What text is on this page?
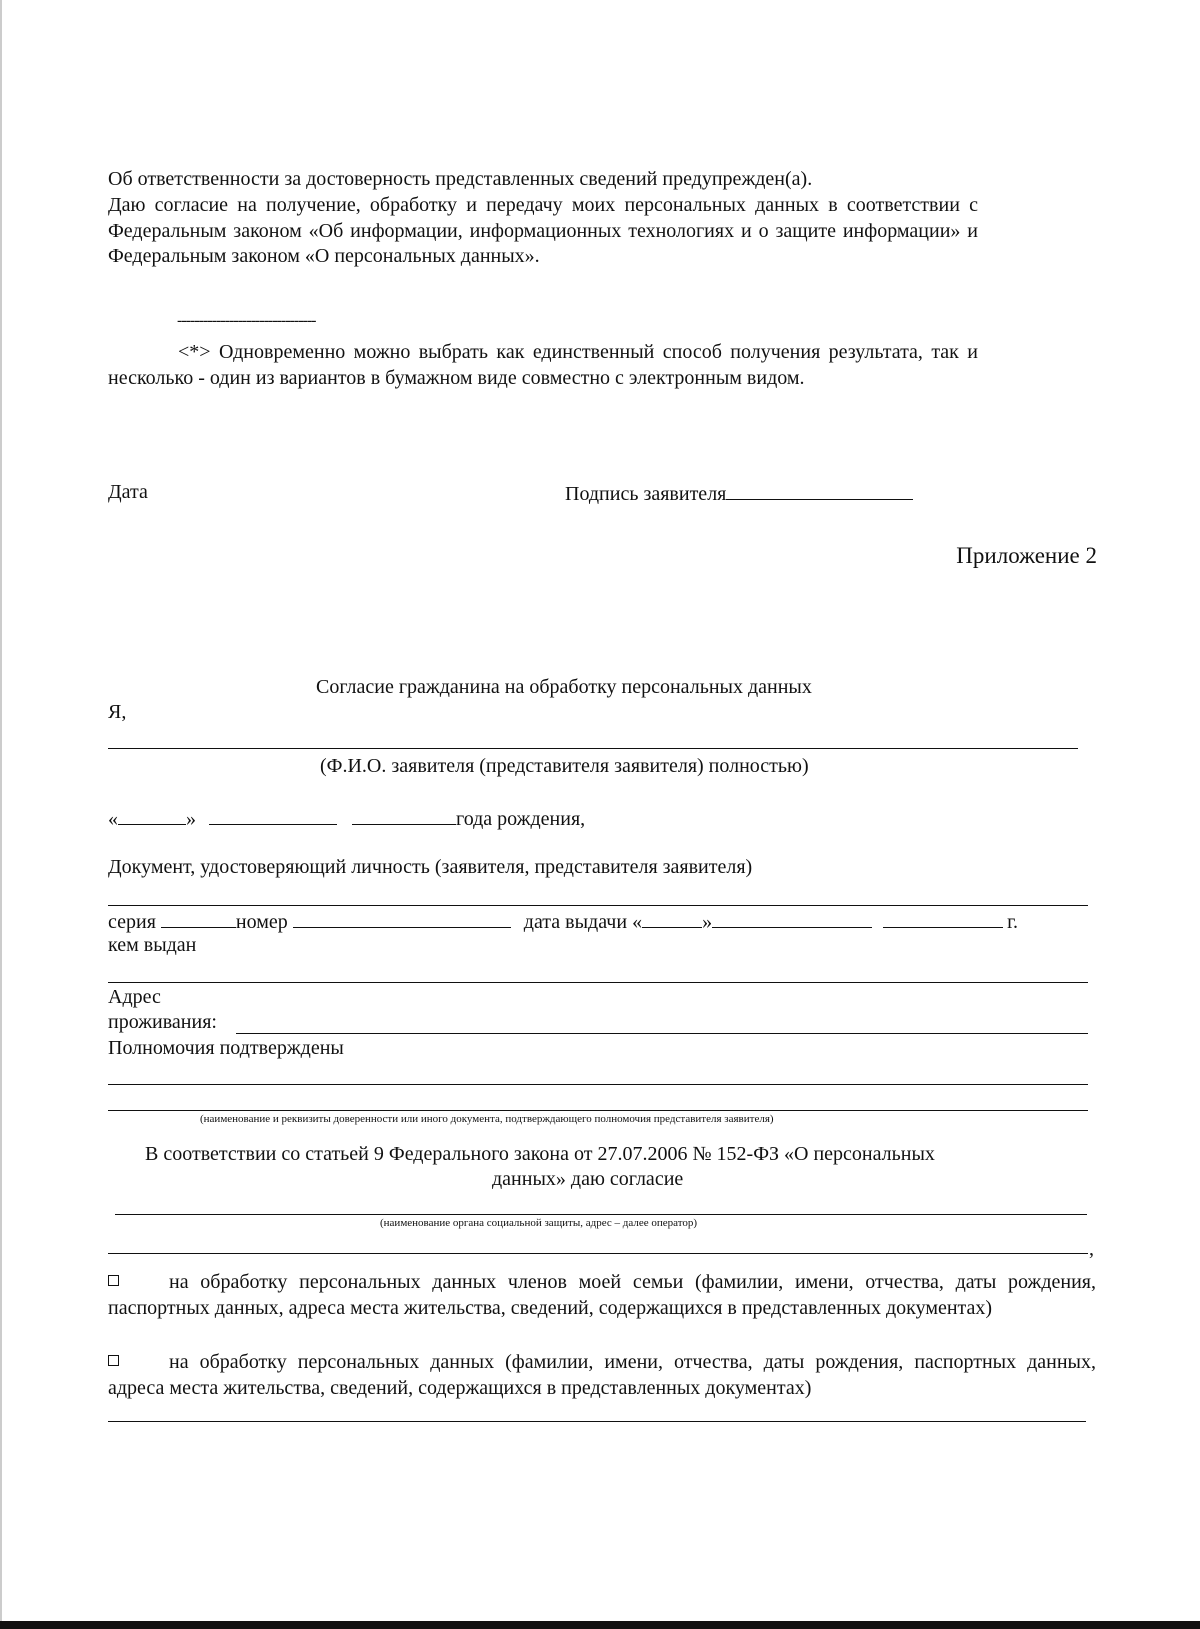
Об ответственности за достоверность представленных сведений предупрежден(а).
Даю согласие на получение, обработку и передачу моих персональных данных в соответствии с Федеральным законом «Об информации, информационных технологиях и о защите информации» и Федеральным законом «О персональных данных».
--------------------------------
<*> Одновременно можно выбрать как единственный способ получения результата, так и несколько - один из вариантов в бумажном виде совместно с электронным видом.
Дата	Подпись заявителя
Приложение 2
Согласие гражданина на обработку персональных данных
Я,
(Ф.И.О. заявителя (представителя заявителя) полностью)
«	»	года рождения,
Документ, удостоверяющий личность (заявителя, представителя заявителя)
серия	номер	дата выдачи «	»	г.
кем выдан
Адрес
проживания:
Полномочия подтверждены
(наименование и реквизиты доверенности или иного документа, подтверждающего полномочия представителя заявителя)
В соответствии со статьей 9 Федерального закона от 27.07.2006 № 152-ФЗ «О персональных
данных» даю согласие
(наименование органа социальной защиты, адрес – далее оператор)
,
на обработку персональных данных членов моей семьи (фамилии, имени, отчества, даты рождения, паспортных данных, адреса места жительства, сведений, содержащихся в представленных документах)
на обработку персональных данных (фамилии, имени, отчества, даты рождения, паспортных данных, адреса места жительства, сведений, содержащихся в представленных документах)
